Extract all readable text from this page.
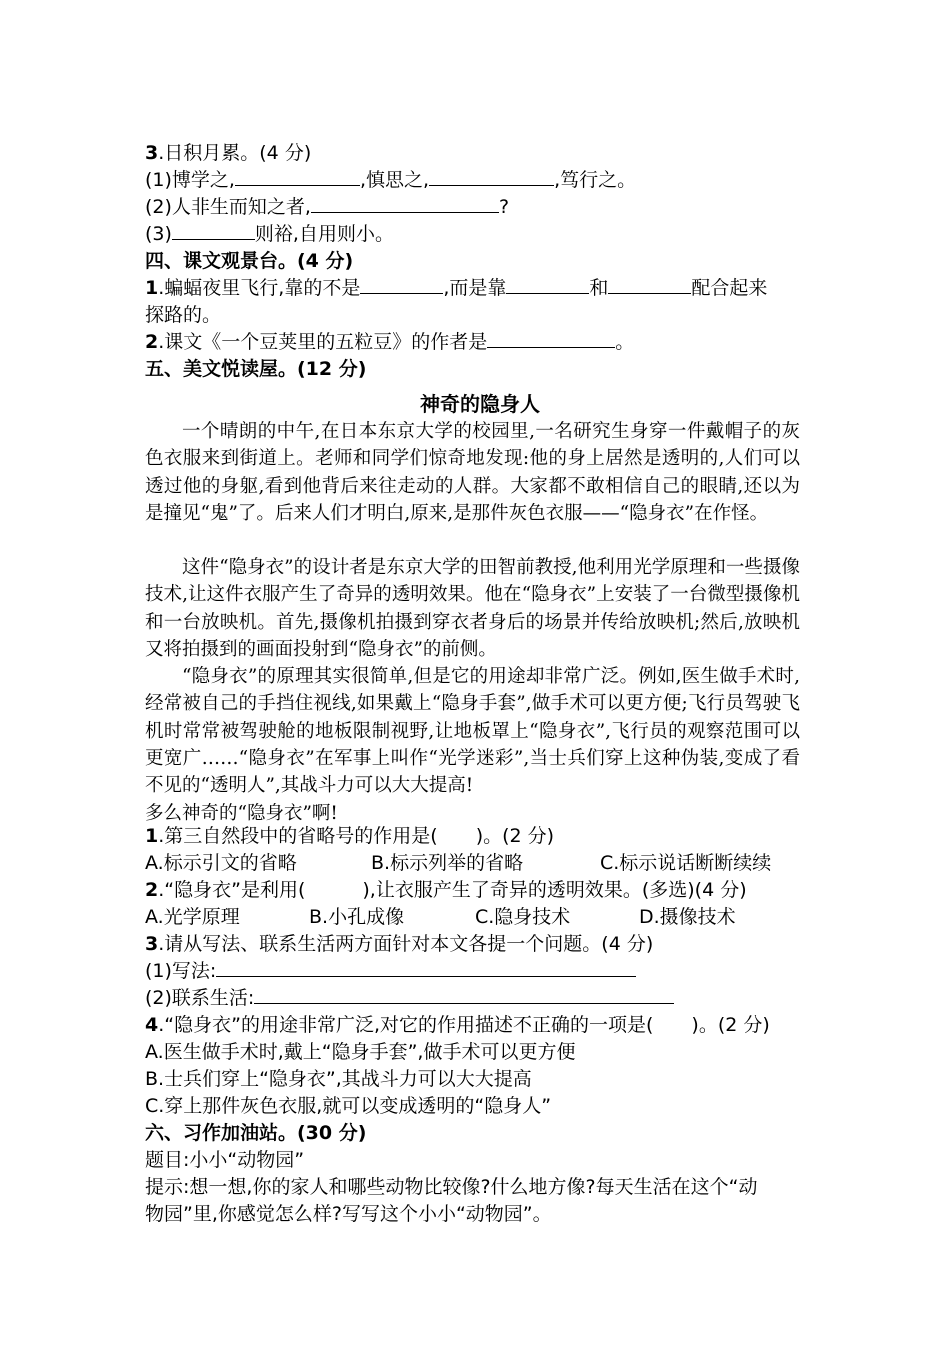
3.日积月累。(4 分)
(1)博学之,	,慎思之,	,笃行之。
(2)人非生而知之者,	?
(3)	则裕,自用则小。
四、课文观景台。(4 分)
1.蝙蝠夜里飞行,靠的不是	,而是靠	和	配合起来
探路的。
2.课文《一个豆荚里的五粒豆》的作者是	。
五、美文悦读屋。(12 分)
神奇的隐身人
一个晴朗的中午,在日本东京大学的校园里,一名研究生身穿一件戴帽子的灰色衣服来到街道上。老师和同学们惊奇地发现:他的身上居然是透明的,人们可以透过他的身躯,看到他背后来往走动的人群。大家都不敢相信自己的眼睛,还以为是撞见“鬼”了。后来人们才明白,原来,是那件灰色衣服——“隐身衣”在作怪。
这件“隐身衣”的设计者是东京大学的田智前教授,他利用光学原理和一些摄像技术,让这件衣服产生了奇异的透明效果。他在“隐身衣”上安装了一台微型摄像机和一台放映机。首先,摄像机拍摄到穿衣者身后的场景并传给放映机;然后,放映机又将拍摄到的画面投射到“隐身衣”的前侧。
“隐身衣”的原理其实很简单,但是它的用途却非常广泛。例如,医生做手术时,经常被自己的手挡住视线,如果戴上“隐身手套”,做手术可以更方便;飞行员驾驶飞机时常常被驾驶舱的地板限制视野,让地板罩上“隐身衣”,飞行员的观察范围可以更宽广……“隐身衣”在军事上叫作“光学迷彩”,当士兵们穿上这种伪装,变成了看不见的“透明人”,其战斗力可以大大提高!
多么神奇的“隐身衣”啊!
1.第三自然段中的省略号的作用是(　　)。(2 分)
A.标示引文的省略	B.标示列举的省略	C.标示说话断断续续
2.“隐身衣”是利用(　　　),让衣服产生了奇异的透明效果。(多选)(4 分)
A.光学原理	B.小孔成像	C.隐身技术	D.摄像技术
3.请从写法、联系生活两方面针对本文各提一个问题。(4 分)
(1)写法:
(2)联系生活:
4.“隐身衣”的用途非常广泛,对它的作用描述不正确的一项是(　　)。(2 分)
A.医生做手术时,戴上“隐身手套”,做手术可以更方便
B.士兵们穿上“隐身衣”,其战斗力可以大大提高
C.穿上那件灰色衣服,就可以变成透明的“隐身人”
六、习作加油站。(30 分)
题目:小小“动物园”
提示:想一想,你的家人和哪些动物比较像?什么地方像?每天生活在这个“动
物园”里,你感觉怎么样?写写这个小小“动物园”。
